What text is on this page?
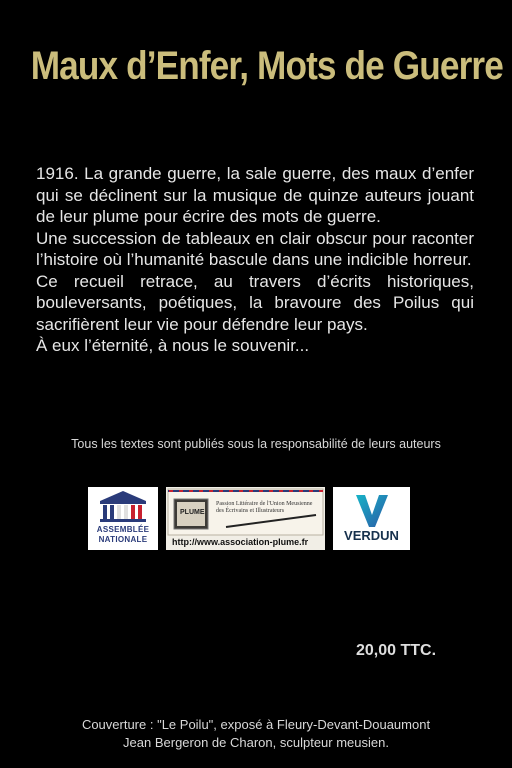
Maux d’Enfer, Mots de Guerre

1916. La grande guerre, la sale guerre, des maux d’enfer qui se déclinent sur la musique de quinze auteurs jouant de leur plume pour écrire des mots de guerre.

Une succession de tableaux en clair obscur pour raconter l’histoire où l’humanité bascule dans une indicible horreur.

Ce recueil retrace, au travers d’écrits historiques, bouleversants, poétiques, la bravoure des Poilus qui sacrifièrent leur vie pour défendre leur pays.

À eux l’éternité, à nous le souvenir...

Tous les textes sont publiés sous la responsabilité de leurs auteurs
ASSEMBLÉE
NATIONALE
PLUME
Passion Littéraire de l'Union Meusienne des Écrivains et Illustrateurs
http://www.association-plume.fr	VERDUN
20,00 TTC.
Couverture : "Le Poilu", exposé à Fleury-Devant-Douaumont
Jean Bergeron de Charon, sculpteur meusien.
